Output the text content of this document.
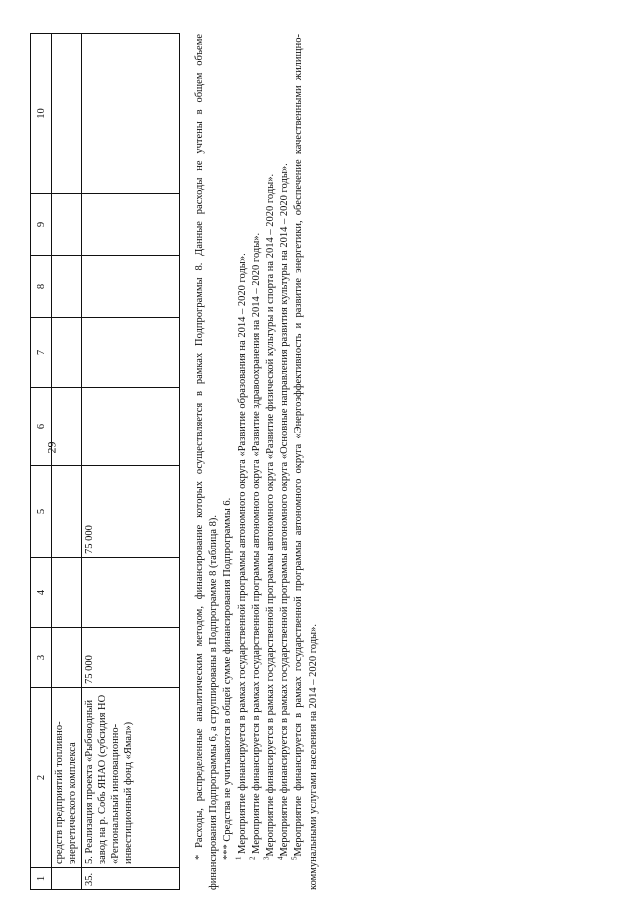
29
1	2	3	4	5	6	7	8	9	10
	средств предприятий топливно-энергетического комплекса								
35.	5. Реализация проекта «Рыбоводный завод на р. Собь ЯНАО (субсидия НО «Региональный инновационно-инвестиционный фонд «Ямал»)	75 000		75 000						* Расходы, распределенные аналитическим методом, финансирование которых осуществляется в рамках Подпрограммы 8. Данные расходы не учтены в общем объеме финансирования Подпрограммы 6, а сгруппированы в Подпрограмме 8 (таблица 8). *** Средства не учитываются в общей сумме финансирования Подпрограммы 6. $^1$ Мероприятие финансируется в рамках государственной программы автономного округа «Развитие образования на 2014 – 2020 годы».

$^2$ Мероприятие финансируется в рамках государственной программы автономного округа «Развитие здравоохранения на 2014 – 2020 годы».

$^3$Мероприятие финансируется в рамках государственной программы автономного округа «Развитие физической культуры и спорта на 2014 – 2020 годы».

$^4$Мероприятие финансируется в рамках государственной программы автономного округа «Основные направления развития культуры на 2014 – 2020 годы».

$^5$Мероприятие финансируется в рамках государственной программы автономного округа «Энергоэффективность и развитие энергетики, обеспечение качественными жилищно-коммунальными услугами населения на 2014 – 2020 годы».
